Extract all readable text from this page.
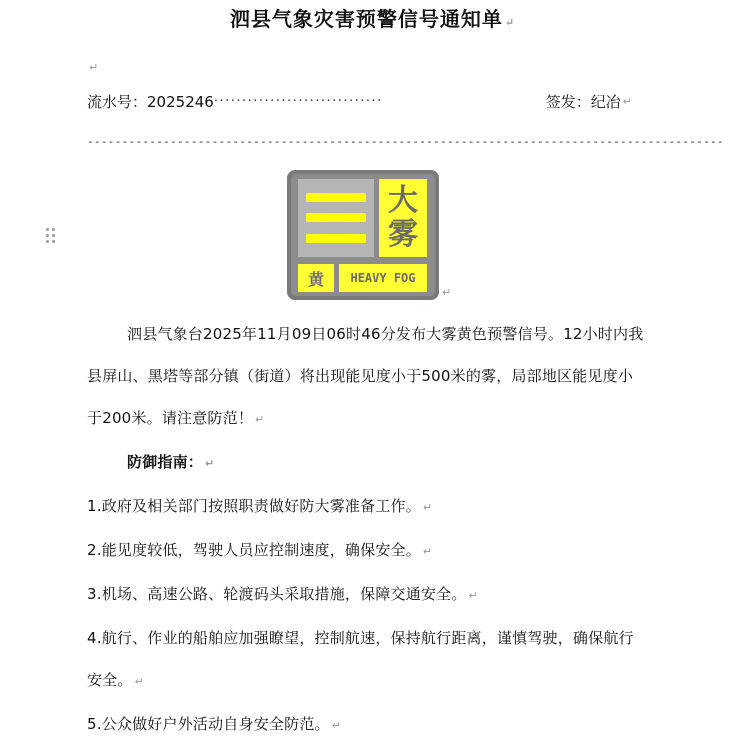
泗县气象灾害预警信号通知单 ↵
↵
流水号： 2025246 ······························	签发： 纪冶 ↵
--------------------------------------------------------------------------------------------
大
雾
黄	HEAVY FOG
↵

泗县气象台2025年11月09日06时46分发布大雾黄色预警信号。12小时内我县屏山、黑塔等部分镇（街道）将出现能见度小于500米的雾，局部地区能见度小于200米。请注意防范！ ↵

防御指南： ↵

1.政府及相关部门按照职责做好防大雾准备工作。 ↵

2.能见度较低，驾驶人员应控制速度，确保安全。 ↵

3.机场、高速公路、轮渡码头采取措施，保障交通安全。 ↵

4.航行、作业的船舶应加强瞭望，控制航速，保持航行距离，谨慎驾驶，确保航行安全。 ↵

5.公众做好户外活动自身安全防范。 ↵
